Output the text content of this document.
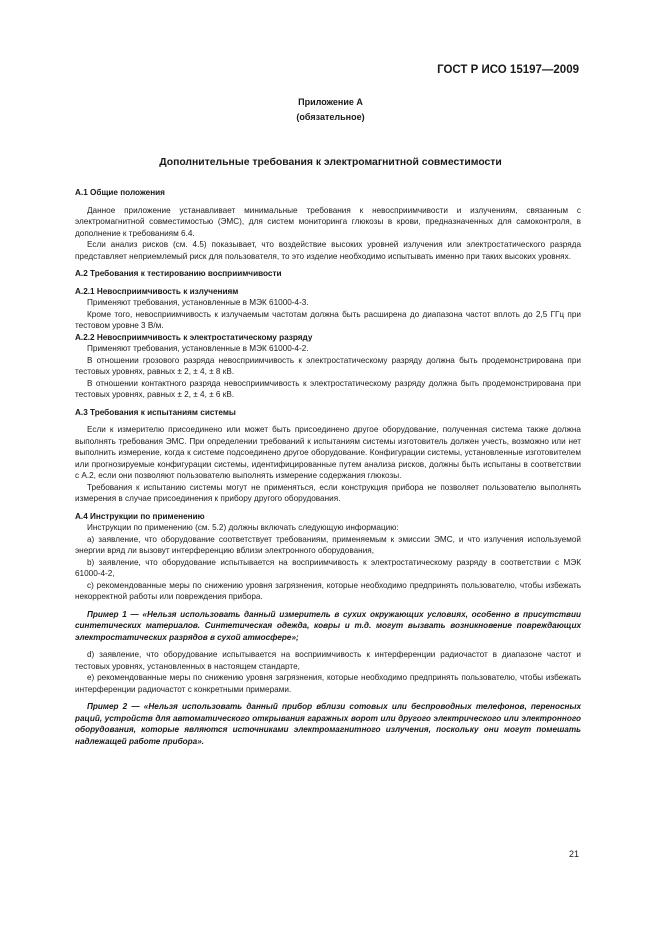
ГОСТ Р ИСО 15197—2009
Приложение А
(обязательное)
Дополнительные требования к электромагнитной совместимости

А.1 Общие положения

Данное приложение устанавливает минимальные требования к невосприимчивости и излучениям, связанным с электромагнитной совместимостью (ЭМС), для систем мониторинга глюкозы в крови, предназначенных для самоконтроля, в дополнение к требованиям 6.4.

Если анализ рисков (см. 4.5) показывает, что воздействие высоких уровней излучения или электростатического разряда представляет неприемлемый риск для пользователя, то это изделие необходимо испытывать именно при таких высоких уровнях.

А.2 Требования к тестированию восприимчивости

А.2.1 Невосприимчивость к излучениям

Применяют требования, установленные в МЭК 61000-4-3.

Кроме того, невосприимчивость к излучаемым частотам должна быть расширена до диапазона частот вплоть до 2,5 ГГц при тестовом уровне 3 В/м.

А.2.2 Невосприимчивость к электростатическому разряду

Применяют требования, установленные в МЭК 61000-4-2.

В отношении грозового разряда невосприимчивость к электростатическому разряду должна быть продемонстрирована при тестовых уровнях, равных ± 2, ± 4, ± 8 кВ.

В отношении контактного разряда невосприимчивость к электростатическому разряду должна быть продемонстрирована при тестовых уровнях, равных ± 2, ± 4, ± 6 кВ.

А.3 Требования к испытаниям системы

Если к измерителю присоединено или может быть присоединено другое оборудование, полученная система также должна выполнять требования ЭМС. При определении требований к испытаниям системы изготовитель должен учесть, возможно или нет выполнить измерение, когда к системе подсоединено другое оборудование. Конфигурации системы, установленные изготовителем или прогнозируемые конфигурации системы, идентифицированные путем анализа рисков, должны быть испытаны в соответствии с А.2, если они позволяют пользователю выполнять измерение содержания глюкозы.

Требования к испытанию системы могут не применяться, если конструкция прибора не позволяет пользователю выполнять измерения в случае присоединения к прибору другого оборудования.

А.4 Инструкции по применению

Инструкции по применению (см. 5.2) должны включать следующую информацию:

а) заявление, что оборудование соответствует требованиям, применяемым к эмиссии ЭМС, и что излучения используемой энергии вряд ли вызовут интерференцию вблизи электронного оборудования,

b) заявление, что оборудование испытывается на восприимчивость к электростатическому разряду в соответствии с МЭК 61000-4-2,

с) рекомендованные меры по снижению уровня загрязнения, которые необходимо предпринять пользователю, чтобы избежать некорректной работы или повреждения прибора.

Пример 1 — «Нельзя использовать данный измеритель в сухих окружающих условиях, особенно в присутствии синтетических материалов. Синтетическая одежда, ковры и т.д. могут вызвать возникновение повреждающих электростатических разрядов в сухой атмосфере»;

d) заявление, что оборудование испытывается на восприимчивость к интерференции радиочастот в диапазоне частот и тестовых уровнях, установленных в настоящем стандарте,

е) рекомендованные меры по снижению уровня загрязнения, которые необходимо предпринять пользователю, чтобы избежать интерференции радиочастот с конкретными примерами.

Пример 2 — «Нельзя использовать данный прибор вблизи сотовых или беспроводных телефонов, переносных раций, устройств для автоматического открывания гаражных ворот или другого электрического или электронного оборудования, которые являются источниками электромагнитного излучения, поскольку они могут помешать надлежащей работе прибора».

21
